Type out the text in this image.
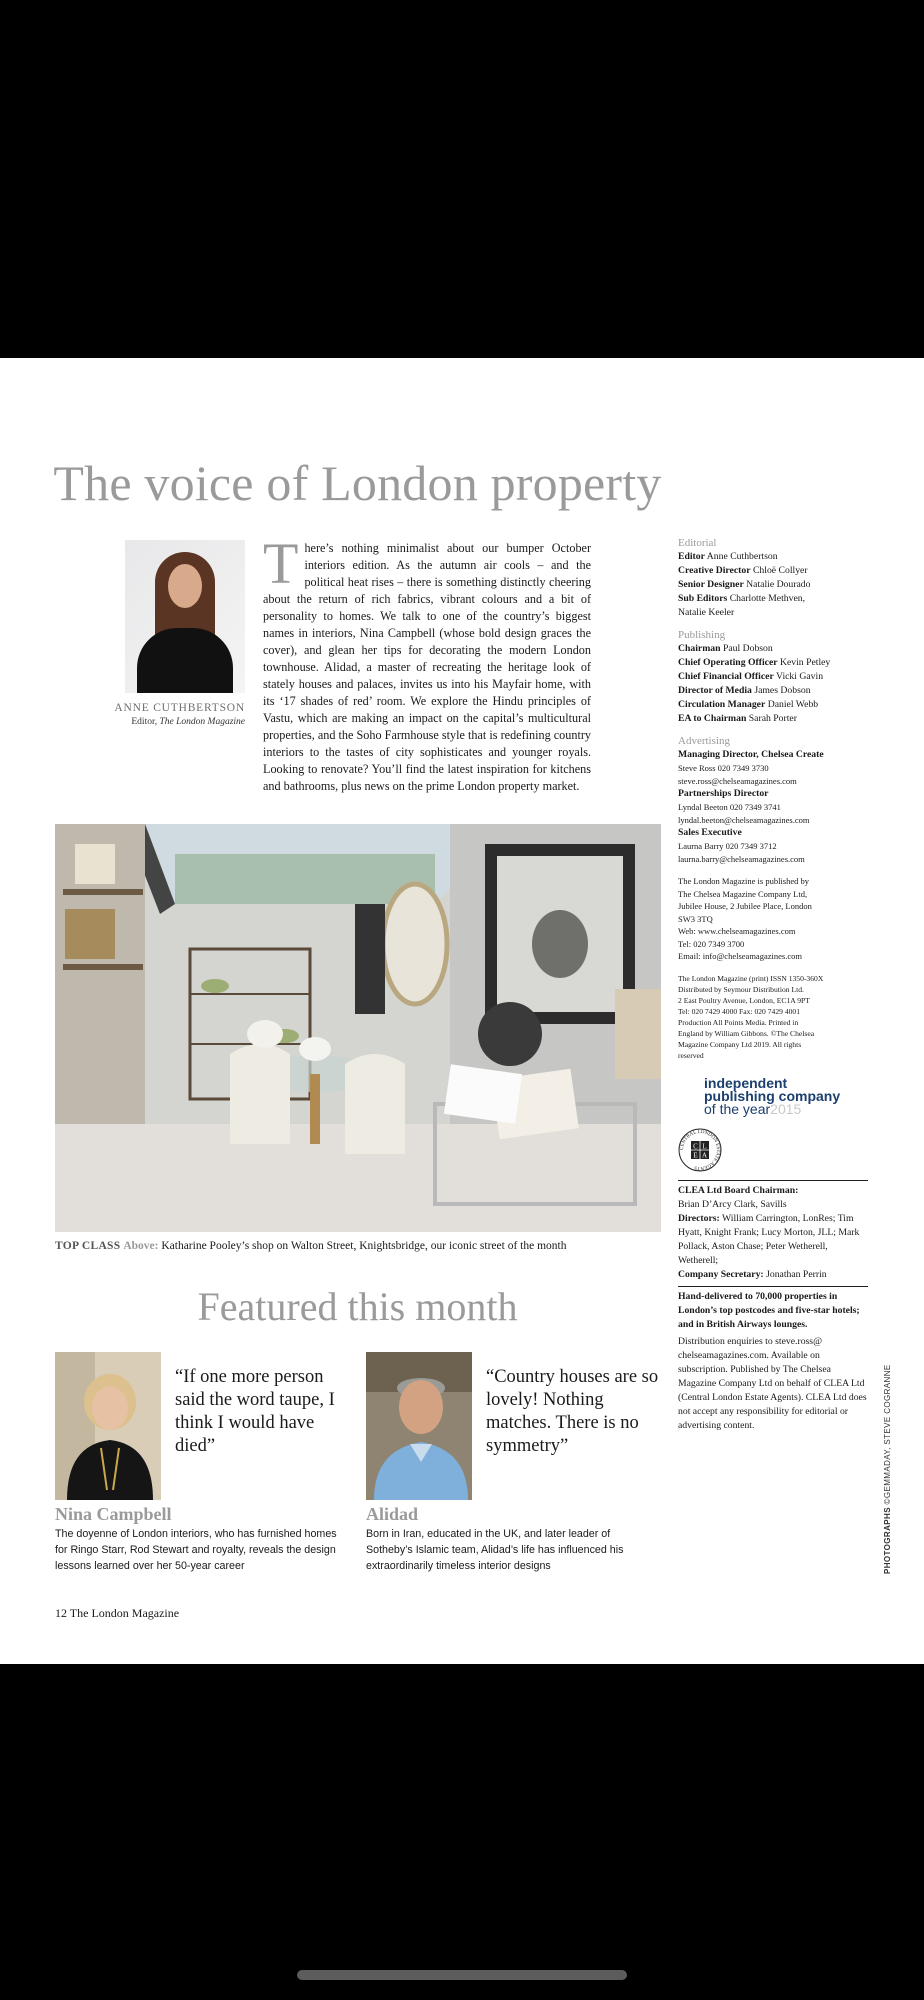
The voice of London property
ANNE CUTHBERTSON
Editor, The London Magazine
There’s nothing minimalist about our bumper October interiors edition. As the autumn air cools – and the political heat rises – there is something distinctly cheering about the return of rich fabrics, vibrant colours and a bit of personality to homes. We talk to one of the country’s biggest names in interiors, Nina Campbell (whose bold design graces the cover), and glean her tips for decorating the modern London townhouse. Alidad, a master of recreating the heritage look of stately houses and palaces, invites us into his Mayfair home, with its ‘17 shades of red’ room. We explore the Hindu principles of Vastu, which are making an impact on the capital’s multicultural properties, and the Soho Farmhouse style that is redefining country interiors to the tastes of city sophisticates and younger royals. Looking to renovate? You’ll find the latest inspiration for kitchens and bathrooms, plus news on the prime London property market.
TOP CLASS Above: Katharine Pooley’s shop on Walton Street, Knightsbridge, our iconic street of the month
Featured this month
“If one more person said the word taupe, I think I would have died”
Nina Campbell
The doyenne of London interiors, who has furnished homes for Ringo Starr, Rod Stewart and royalty, reveals the design lessons learned over her 50-year career
“Country houses are so lovely! Nothing matches. There is no symmetry”
Alidad
Born in Iran, educated in the UK, and later leader of Sotheby’s Islamic team, Alidad’s life has influenced his extraordinarily timeless interior designs
12 The London Magazine
Editorial
Editor Anne Cuthbertson
Creative Director Chloë Collyer
Senior Designer Natalie Dourado
Sub Editors Charlotte Methven,
Natalie Keeler
Publishing
Chairman Paul Dobson
Chief Operating Officer Kevin Petley
Chief Financial Officer Vicki Gavin
Director of Media James Dobson
Circulation Manager Daniel Webb
EA to Chairman Sarah Porter
Advertising
Managing Director, Chelsea Create
Steve Ross 020 7349 3730
steve.ross@chelseamagazines.com
Partnerships Director
Lyndal Beeton 020 7349 3741
lyndal.beeton@chelseamagazines.com
Sales Executive
Laurna Barry 020 7349 3712
laurna.barry@chelseamagazines.com
The London Magazine is published by
The Chelsea Magazine Company Ltd,
Jubilee House, 2 Jubilee Place, London
SW3 3TQ
Web: www.chelseamagazines.com
Tel: 020 7349 3700
Email: info@chelseamagazines.com
The London Magazine (print) ISSN 1350-360X
Distributed by Seymour Distribution Ltd.
2 East Poultry Avenue, London, EC1A 9PT
Tel: 020 7429 4000 Fax: 020 7429 4001
Production All Points Media. Printed in
England by William Gibbons. ©The Chelsea
Magazine Company Ltd 2019. All rights
reserved
independent
publishing company
of the year2015
CENTRAL LONDON ESTATE AGENTS
C L
E A
CLEA Ltd Board Chairman:
Brian D’Arcy Clark, Savills
Directors: William Carrington, LonRes; Tim Hyatt, Knight Frank; Lucy Morton, JLL; Mark Pollack, Aston Chase; Peter Wetherell, Wetherell;
Company Secretary: Jonathan Perrin
Hand-delivered to 70,000 properties in London’s top postcodes and five-star hotels; and in British Airways lounges.
Distribution enquiries to steve.ross@ chelseamagazines.com. Available on subscription. Published by The Chelsea Magazine Company Ltd on behalf of CLEA Ltd (Central London Estate Agents). CLEA Ltd does not accept any responsibility for editorial or advertising content.
PHOTOGRAPHS ©GEMMADAY, STEVE COGRANNE
